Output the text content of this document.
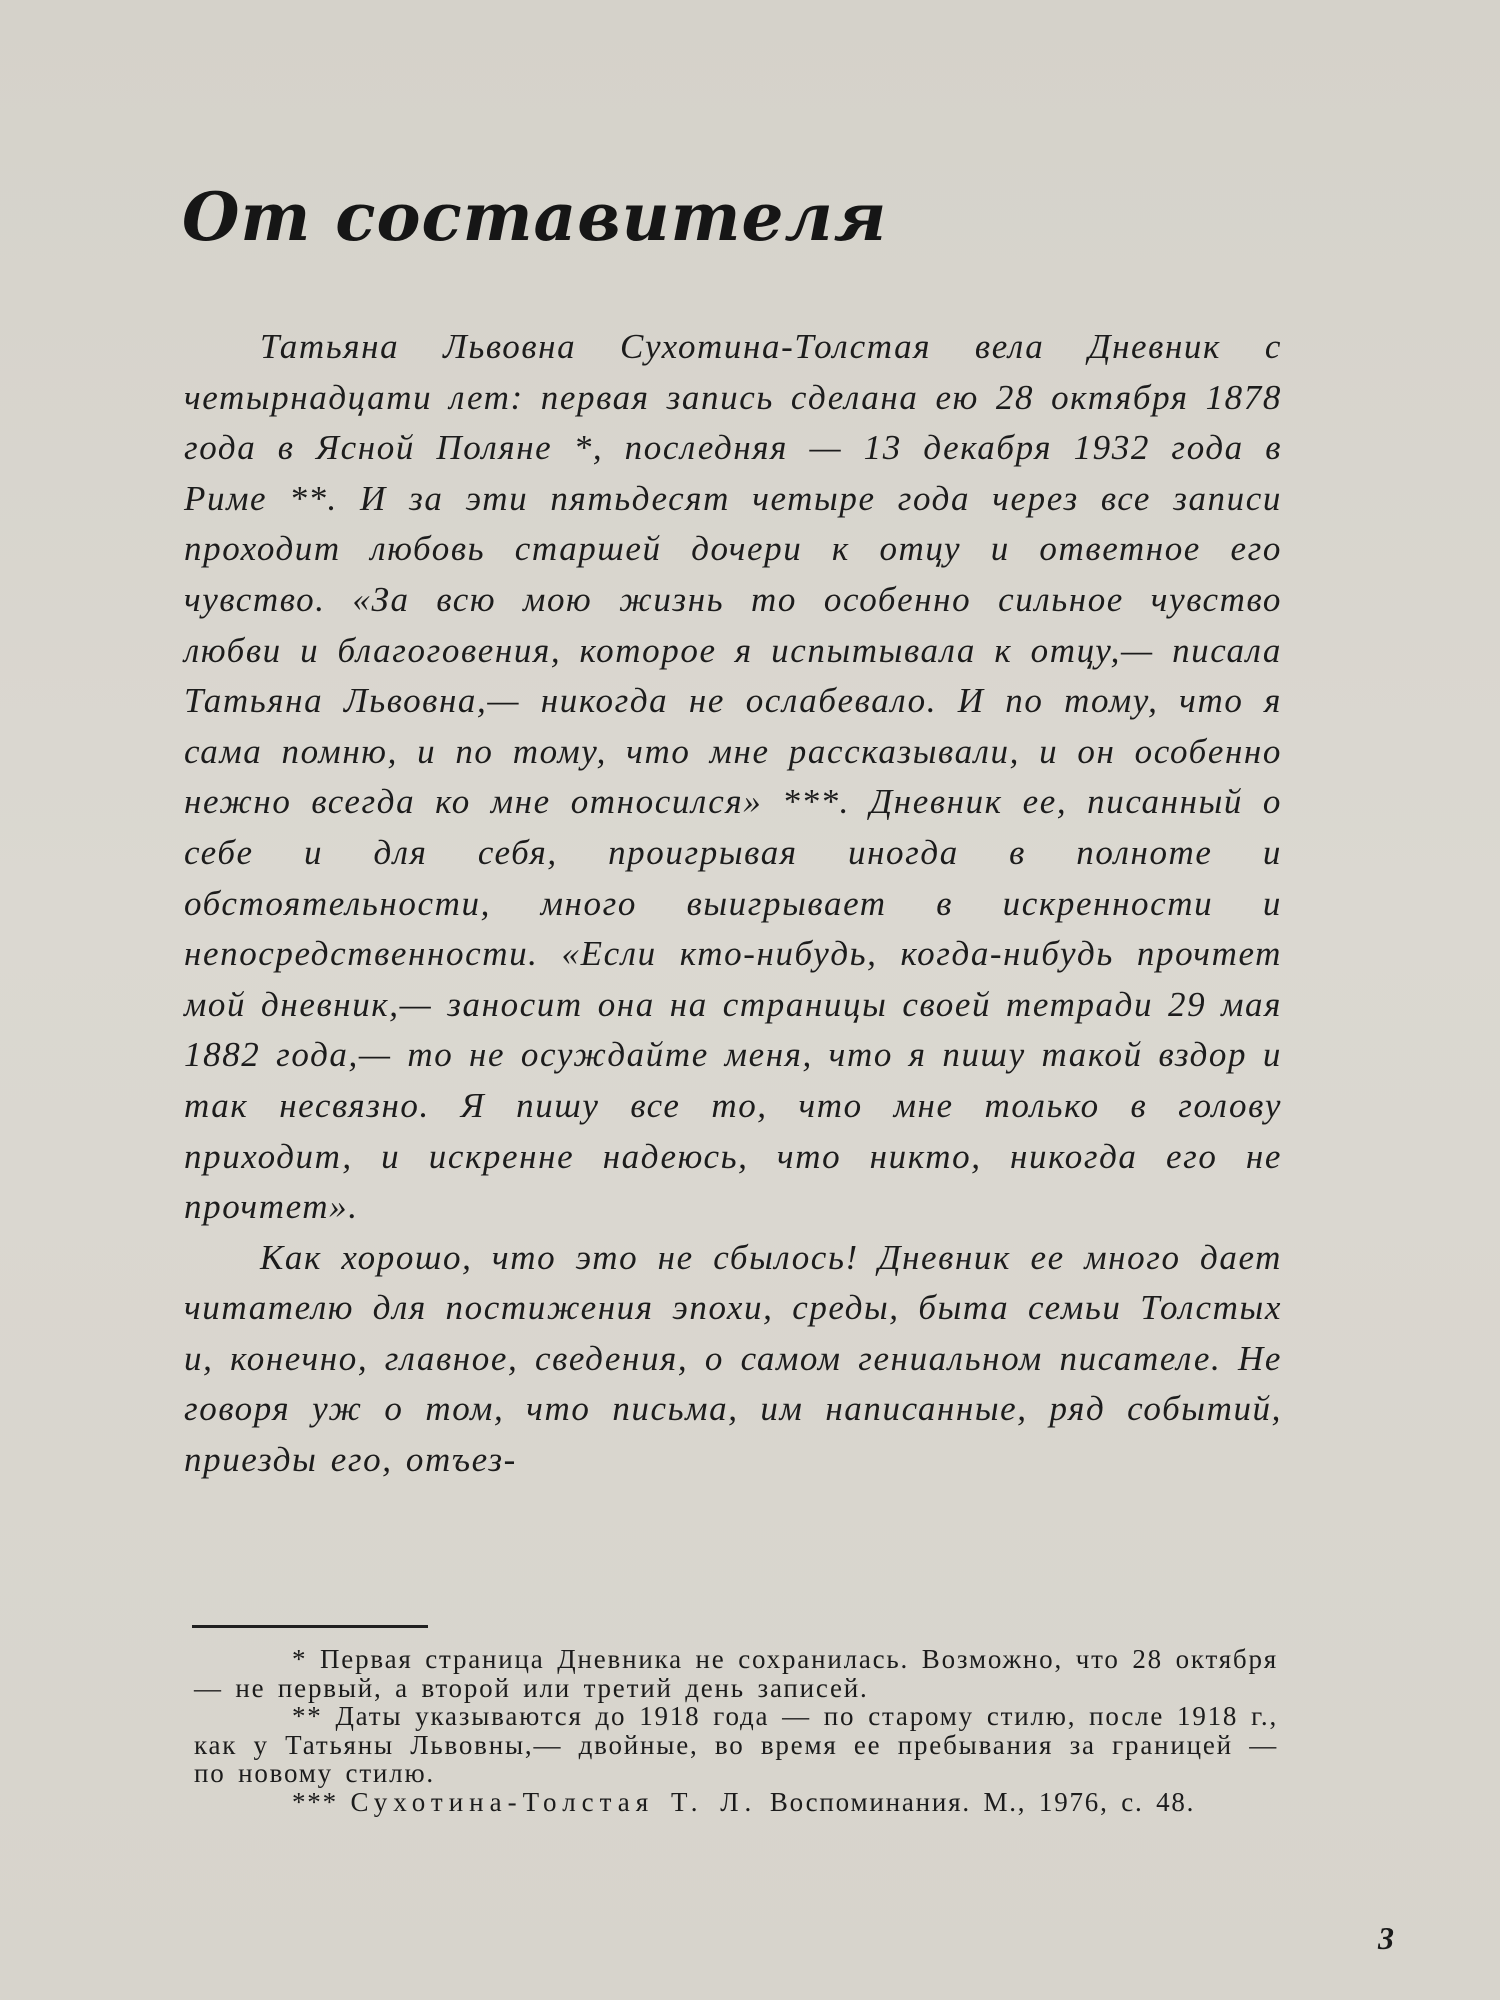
От составителя

Татьяна Львовна Сухотина-Толстая вела Дневник с четырнадцати лет: первая запись сделана ею 28 октября 1878 года в Ясной Поляне *, последняя — 13 декабря 1932 года в Риме **. И за эти пятьдесят четыре года через все записи проходит любовь старшей дочери к отцу и ответное его чувство. «За всю мою жизнь то особенно сильное чувство любви и благоговения, которое я испытывала к отцу,— писала Татьяна Львовна,— никогда не ослабевало. И по тому, что я сама помню, и по тому, что мне рассказывали, и он особенно нежно всегда ко мне относился» ***. Дневник ее, писанный о себе и для себя, проигрывая иногда в полноте и обстоятельности, много выигрывает в искренности и непосредственности. «Если кто-нибудь, когда-нибудь прочтет мой дневник,— заносит она на страницы своей тетради 29 мая 1882 года,— то не осуждайте меня, что я пишу такой вздор и так несвязно. Я пишу все то, что мне только в голову приходит, и искренне надеюсь, что никто, никогда его не прочтет».

Как хорошо, что это не сбылось! Дневник ее много дает читателю для постижения эпохи, среды, быта семьи Толстых и, конечно, главное, сведения, о самом гениальном писателе. Не говоря уж о том, что письма, им написанные, ряд событий, приезды его, отъез-

* Первая страница Дневника не сохранилась. Возможно, что 28 октября — не первый, а второй или третий день записей.

** Даты указываются до 1918 года — по старому стилю, после 1918 г., как у Татьяны Львовны,— двойные, во время ее пребывания за границей — по новому стилю.

*** Сухотина-Толстая Т. Л. Воспоминания. М., 1976, с. 48.

3
